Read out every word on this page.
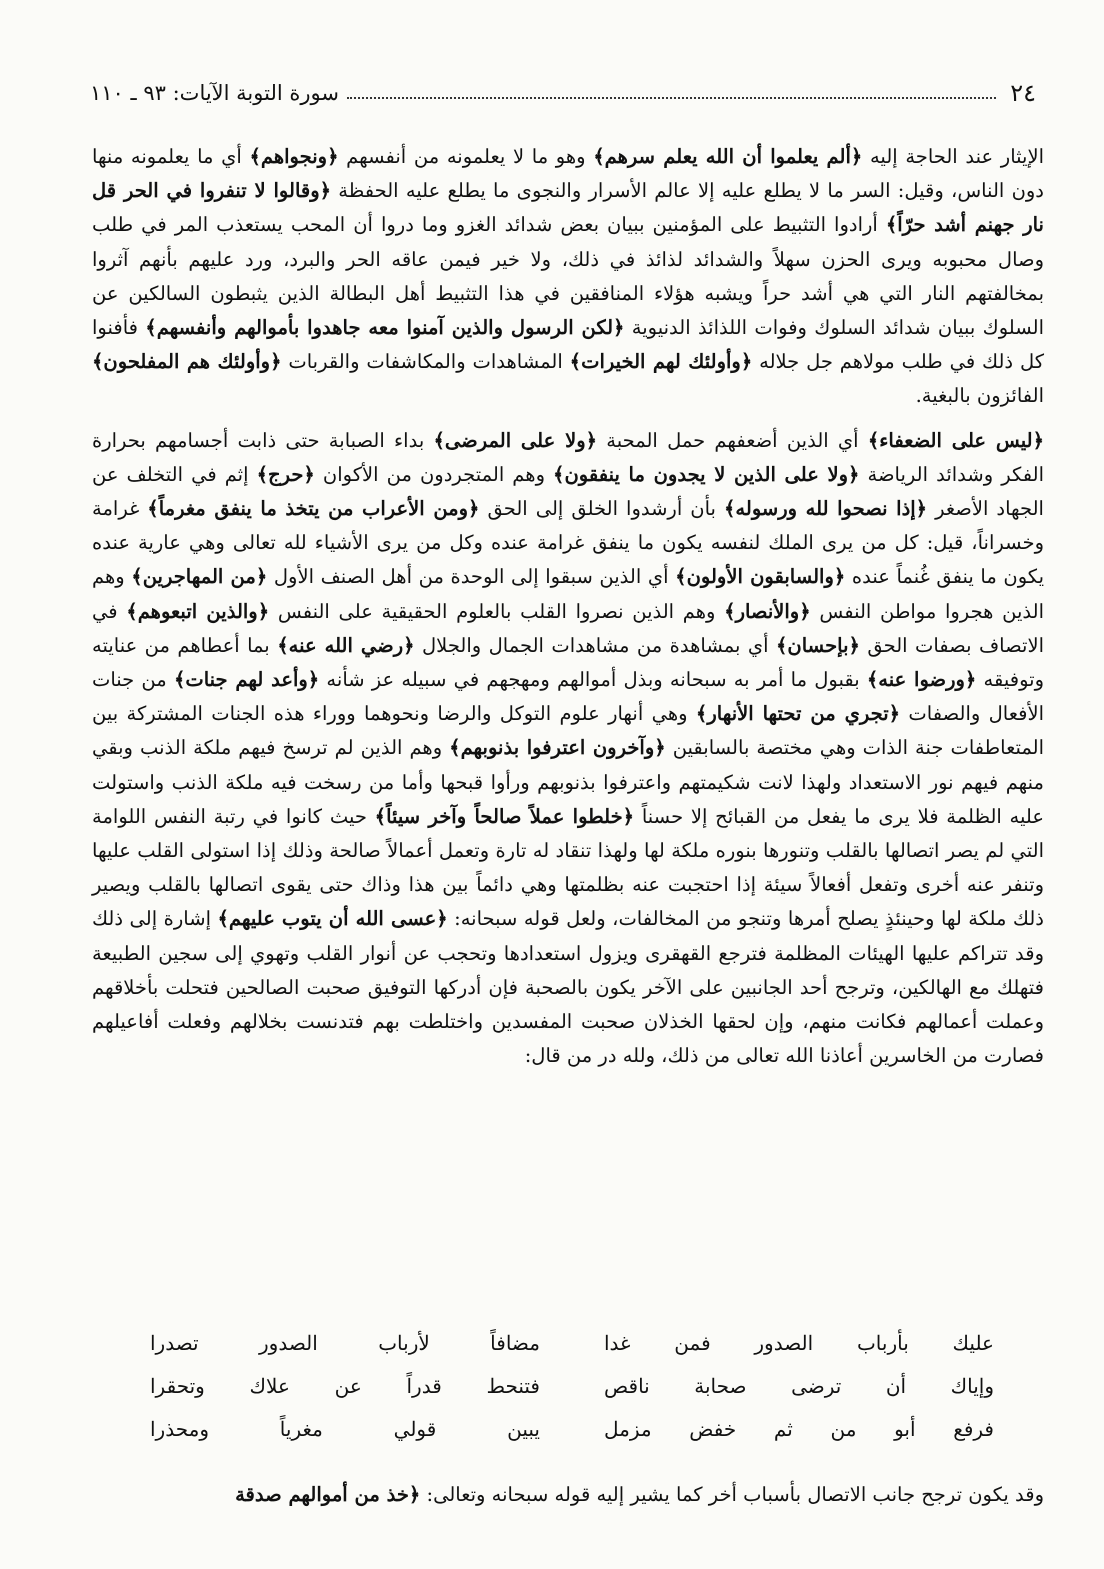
٢٤
سورة التوبة الآيات: ٩٣ ـ ١١٠

الإيثار عند الحاجة إليه ﴿ألم يعلموا أن الله يعلم سرهم﴾ وهو ما لا يعلمونه من أنفسهم ﴿ونجواهم﴾ أي ما يعلمونه منها دون الناس، وقيل: السر ما لا يطلع عليه إلا عالم الأسرار والنجوى ما يطلع عليه الحفظة ﴿وقالوا لا تنفروا في الحر قل نار جهنم أشد حرّاً﴾ أرادوا التثبيط على المؤمنين ببيان بعض شدائد الغزو وما دروا أن المحب يستعذب المر في طلب وصال محبوبه ويرى الحزن سهلاً والشدائد لذائذ في ذلك، ولا خير فيمن عاقه الحر والبرد، ورد عليهم بأنهم آثروا بمخالفتهم النار التي هي أشد حراً ويشبه هؤلاء المنافقين في هذا التثبيط أهل البطالة الذين يثبطون السالكين عن السلوك ببيان شدائد السلوك وفوات اللذائذ الدنيوية ﴿لكن الرسول والذين آمنوا معه جاهدوا بأموالهم وأنفسهم﴾ فأفنوا كل ذلك في طلب مولاهم جل جلاله ﴿وأولئك لهم الخيرات﴾ المشاهدات والمكاشفات والقربات ﴿وأولئك هم المفلحون﴾ الفائزون بالبغية.

﴿ليس على الضعفاء﴾ أي الذين أضعفهم حمل المحبة ﴿ولا على المرضى﴾ بداء الصبابة حتى ذابت أجسامهم بحرارة الفكر وشدائد الرياضة ﴿ولا على الذين لا يجدون ما ينفقون﴾ وهم المتجردون من الأكوان ﴿حرج﴾ إثم في التخلف عن الجهاد الأصغر ﴿إذا نصحوا لله ورسوله﴾ بأن أرشدوا الخلق إلى الحق ﴿ومن الأعراب من يتخذ ما ينفق مغرماً﴾ غرامة وخسراناً، قيل: كل من يرى الملك لنفسه يكون ما ينفق غرامة عنده وكل من يرى الأشياء لله تعالى وهي عارية عنده يكون ما ينفق غُنماً عنده ﴿والسابقون الأولون﴾ أي الذين سبقوا إلى الوحدة من أهل الصنف الأول ﴿من المهاجرين﴾ وهم الذين هجروا مواطن النفس ﴿والأنصار﴾ وهم الذين نصروا القلب بالعلوم الحقيقية على النفس ﴿والذين اتبعوهم﴾ في الاتصاف بصفات الحق ﴿بإحسان﴾ أي بمشاهدة من مشاهدات الجمال والجلال ﴿رضي الله عنه﴾ بما أعطاهم من عنايته وتوفيقه ﴿ورضوا عنه﴾ بقبول ما أمر به سبحانه وبذل أموالهم ومهجهم في سبيله عز شأنه ﴿وأعد لهم جنات﴾ من جنات الأفعال والصفات ﴿تجري من تحتها الأنهار﴾ وهي أنهار علوم التوكل والرضا ونحوهما ووراء هذه الجنات المشتركة بين المتعاطفات جنة الذات وهي مختصة بالسابقين ﴿وآخرون اعترفوا بذنوبهم﴾ وهم الذين لم ترسخ فيهم ملكة الذنب وبقي منهم فيهم نور الاستعداد ولهذا لانت شكيمتهم واعترفوا بذنوبهم ورأوا قبحها وأما من رسخت فيه ملكة الذنب واستولت عليه الظلمة فلا يرى ما يفعل من القبائح إلا حسناً ﴿خلطوا عملاً صالحاً وآخر سيئاً﴾ حيث كانوا في رتبة النفس اللوامة التي لم يصر اتصالها بالقلب وتنورها بنوره ملكة لها ولهذا تنقاد له تارة وتعمل أعمالاً صالحة وذلك إذا استولى القلب عليها وتنفر عنه أخرى وتفعل أفعالاً سيئة إذا احتجبت عنه بظلمتها وهي دائماً بين هذا وذاك حتى يقوى اتصالها بالقلب ويصير ذلك ملكة لها وحينئذٍ يصلح أمرها وتنجو من المخالفات، ولعل قوله سبحانه: ﴿عسى الله أن يتوب عليهم﴾ إشارة إلى ذلك وقد تتراكم عليها الهيئات المظلمة فترجع القهقرى ويزول استعدادها وتحجب عن أنوار القلب وتهوي إلى سجين الطبيعة فتهلك مع الهالكين، وترجح أحد الجانبين على الآخر يكون بالصحبة فإن أدركها التوفيق صحبت الصالحين فتحلت بأخلاقهم وعملت أعمالهم فكانت منهم، وإن لحقها الخذلان صحبت المفسدين واختلطت بهم فتدنست بخلالهم وفعلت أفاعيلهم فصارت من الخاسرين أعاذنا الله تعالى من ذلك، ولله در من قال:

عليك بأرباب الصدور فمن غدا
مضافاً لأرباب الصدور تصدرا
وإياك أن ترضى صحابة ناقص
فتنحط قدراً عن علاك وتحقرا
فرفع أبو من ثم خفض مزمل
يبين قولي مغرياً ومحذرا
وقد يكون ترجح جانب الاتصال بأسباب أخر كما يشير إليه قوله سبحانه وتعالى: ﴿خذ من أموالهم صدقة
